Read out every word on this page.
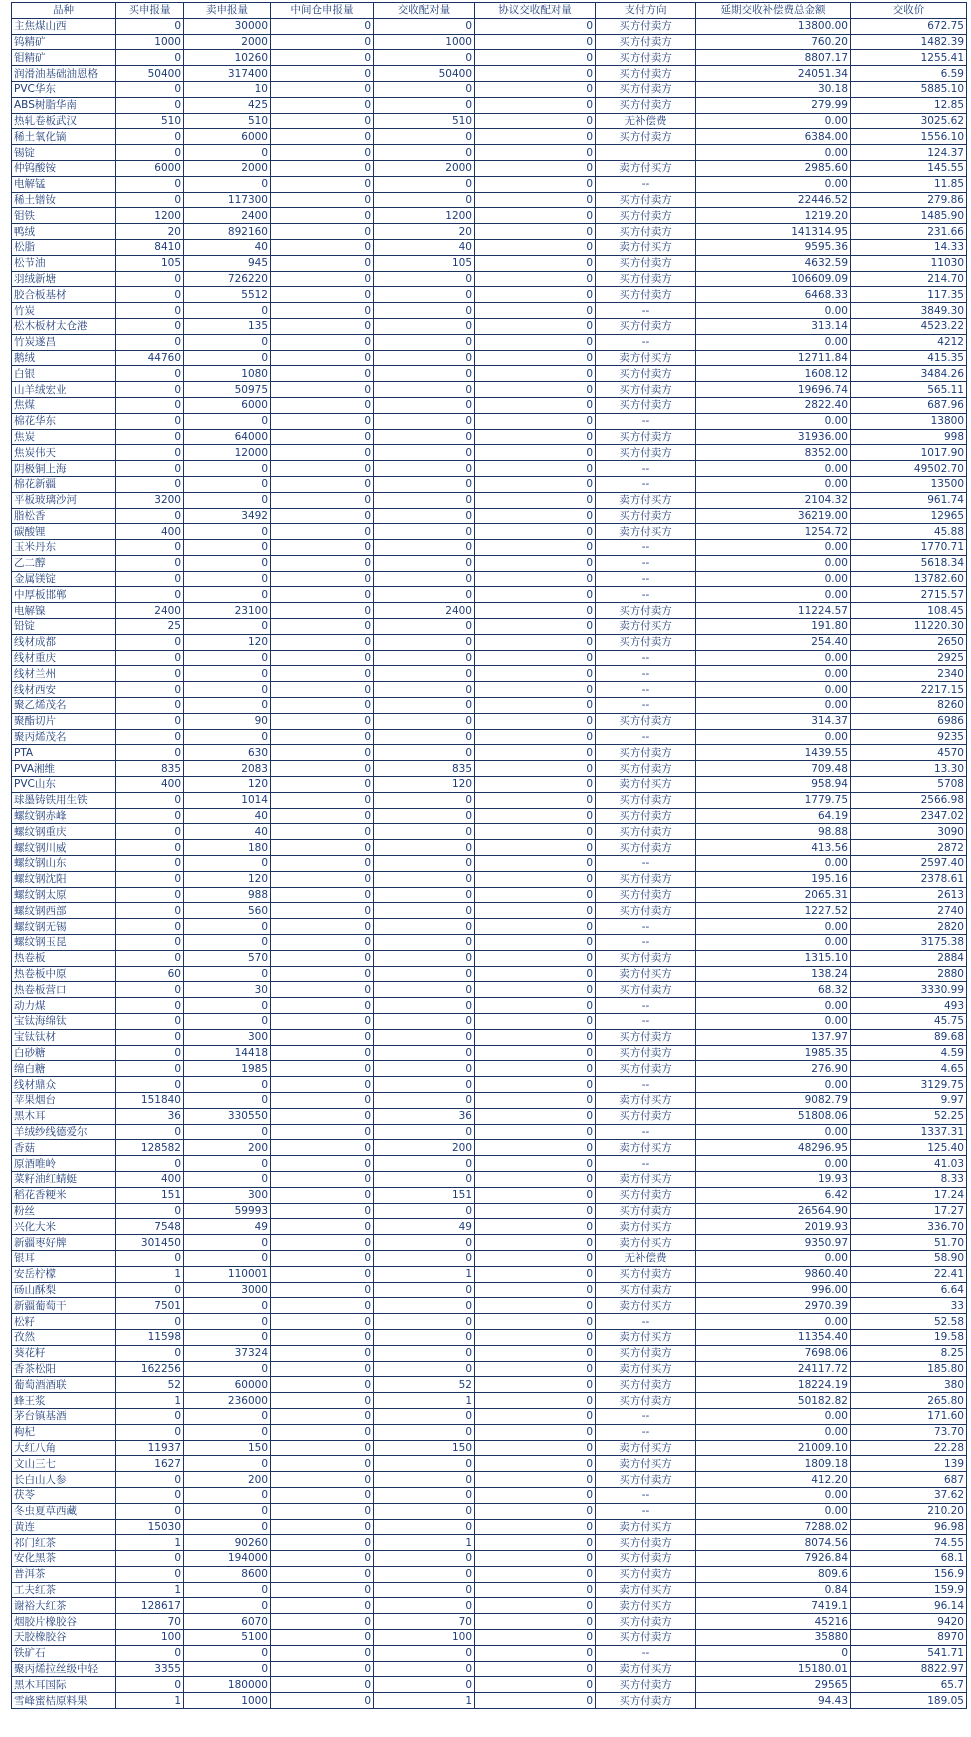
品种	买申报量	卖申报量	中间仓申报量	交收配对量	协议交收配对量	支付方向	延期交收补偿费总金额	交收价
主焦煤山西	0	30000	0	0	0	买方付卖方	13800.00	672.75
钨精矿	1000	2000	0	1000	0	买方付卖方	760.20	1482.39
钼精矿	0	10260	0	0	0	买方付卖方	8807.17	1255.41
润滑油基础油恩格	50400	317400	0	50400	0	买方付卖方	24051.34	6.59
PVC华东	0	10	0	0	0	买方付卖方	30.18	5885.10
ABS树脂华南	0	425	0	0	0	买方付卖方	279.99	12.85
热轧卷板武汉	510	510	0	510	0	无补偿费	0.00	3025.62
稀土氧化镝	0	6000	0	0	0	买方付卖方	6384.00	1556.10
锡锭	0	0	0	0	0		0.00	124.37
仲钨酸铵	6000	2000	0	2000	0	卖方付买方	2985.60	145.55
电解锰	0	0	0	0	0	--	0.00	11.85
稀土镨钕	0	117300	0	0	0	买方付卖方	22446.52	279.86
钼铁	1200	2400	0	1200	0	买方付卖方	1219.20	1485.90
鸭绒	20	892160	0	20	0	买方付卖方	141314.95	231.66
松脂	8410	40	0	40	0	卖方付买方	9595.36	14.33
松节油	105	945	0	105	0	买方付卖方	4632.59	11030
羽绒新塘	0	726220	0	0	0	买方付卖方	106609.09	214.70
胶合板基材	0	5512	0	0	0	买方付卖方	6468.33	117.35
竹炭	0	0	0	0	0	--	0.00	3849.30
松木板材太仓港	0	135	0	0	0	买方付卖方	313.14	4523.22
竹炭遂昌	0	0	0	0	0	--	0.00	4212
鹅绒	44760	0	0	0	0	卖方付买方	12711.84	415.35
白银	0	1080	0	0	0	买方付卖方	1608.12	3484.26
山羊绒宏业	0	50975	0	0	0	买方付卖方	19696.74	565.11
焦煤	0	6000	0	0	0	买方付卖方	2822.40	687.96
棉花华东	0	0	0	0	0	--	0.00	13800
焦炭	0	64000	0	0	0	买方付卖方	31936.00	998
焦炭伟天	0	12000	0	0	0	买方付卖方	8352.00	1017.90
阴极铜上海	0	0	0	0	0	--	0.00	49502.70
棉花新疆	0	0	0	0	0	--	0.00	13500
平板玻璃沙河	3200	0	0	0	0	卖方付买方	2104.32	961.74
脂松香	0	3492	0	0	0	买方付卖方	36219.00	12965
碳酸锂	400	0	0	0	0	卖方付买方	1254.72	45.88
玉米丹东	0	0	0	0	0	--	0.00	1770.71
乙二醇	0	0	0	0	0	--	0.00	5618.34
金属镁锭	0	0	0	0	0	--	0.00	13782.60
中厚板邯郸	0	0	0	0	0	--	0.00	2715.57
电解镍	2400	23100	0	2400	0	买方付卖方	11224.57	108.45
铅锭	25	0	0	0	0	卖方付买方	191.80	11220.30
线材成都	0	120	0	0	0	买方付卖方	254.40	2650
线材重庆	0	0	0	0	0	--	0.00	2925
线材兰州	0	0	0	0	0	--	0.00	2340
线材西安	0	0	0	0	0	--	0.00	2217.15
聚乙烯茂名	0	0	0	0	0	--	0.00	8260
聚酯切片	0	90	0	0	0	买方付卖方	314.37	6986
聚丙烯茂名	0	0	0	0	0	--	0.00	9235
PTA	0	630	0	0	0	买方付卖方	1439.55	4570
PVA湘维	835	2083	0	835	0	买方付卖方	709.48	13.30
PVC山东	400	120	0	120	0	卖方付买方	958.94	5708
球墨铸铁用生铁	0	1014	0	0	0	买方付卖方	1779.75	2566.98
螺纹钢赤峰	0	40	0	0	0	买方付卖方	64.19	2347.02
螺纹钢重庆	0	40	0	0	0	买方付卖方	98.88	3090
螺纹钢川威	0	180	0	0	0	买方付卖方	413.56	2872
螺纹钢山东	0	0	0	0	0	--	0.00	2597.40
螺纹钢沈阳	0	120	0	0	0	买方付卖方	195.16	2378.61
螺纹钢太原	0	988	0	0	0	买方付卖方	2065.31	2613
螺纹钢西部	0	560	0	0	0	买方付卖方	1227.52	2740
螺纹钢无锡	0	0	0	0	0	--	0.00	2820
螺纹钢玉昆	0	0	0	0	0	--	0.00	3175.38
热卷板	0	570	0	0	0	买方付卖方	1315.10	2884
热卷板中原	60	0	0	0	0	卖方付买方	138.24	2880
热卷板营口	0	30	0	0	0	买方付卖方	68.32	3330.99
动力煤	0	0	0	0	0	--	0.00	493
宝钛海绵钛	0	0	0	0	0	--	0.00	45.75
宝钛钛材	0	300	0	0	0	买方付卖方	137.97	89.68
白砂糖	0	14418	0	0	0	买方付卖方	1985.35	4.59
绵白糖	0	1985	0	0	0	买方付卖方	276.90	4.65
线材鼎众	0	0	0	0	0	--	0.00	3129.75
苹果烟台	151840	0	0	0	0	卖方付买方	9082.79	9.97
黑木耳	36	330550	0	36	0	买方付卖方	51808.06	52.25
羊绒纱线德爱尔	0	0	0	0	0	--	0.00	1337.31
香菇	128582	200	0	200	0	卖方付买方	48296.95	125.40
原酒唯岭	0	0	0	0	0	--	0.00	41.03
菜籽油红蜻蜓	400	0	0	0	0	卖方付买方	19.93	8.33
稻花香粳米	151	300	0	151	0	买方付卖方	6.42	17.24
粉丝	0	59993	0	0	0	买方付卖方	26564.90	17.27
兴化大米	7548	49	0	49	0	卖方付买方	2019.93	336.70
新疆枣好牌	301450	0	0	0	0	卖方付买方	9350.97	51.70
银耳	0	0	0	0	0	无补偿费	0.00	58.90
安岳柠檬	1	110001	0	1	0	买方付卖方	9860.40	22.41
砀山酥梨	0	3000	0	0	0	买方付卖方	996.00	6.64
新疆葡萄干	7501	0	0	0	0	卖方付买方	2970.39	33
松籽	0	0	0	0	0	--	0.00	52.58
孜然	11598	0	0	0	0	卖方付买方	11354.40	19.58
葵花籽	0	37324	0	0	0	买方付卖方	7698.06	8.25
香茶松阳	162256	0	0	0	0	卖方付买方	24117.72	185.80
葡萄酒酒联	52	60000	0	52	0	买方付卖方	18224.19	380
蜂王浆	1	236000	0	1	0	买方付卖方	50182.82	265.80
茅台镇基酒	0	0	0	0	0	--	0.00	171.60
枸杞	0	0	0	0	0	--	0.00	73.70
大红八角	11937	150	0	150	0	卖方付买方	21009.10	22.28
文山三七	1627	0	0	0	0	卖方付买方	1809.18	139
长白山人参	0	200	0	0	0	买方付卖方	412.20	687
茯苓	0	0	0	0	0	--	0.00	37.62
冬虫夏草西藏	0	0	0	0	0	--	0.00	210.20
黄连	15030	0	0	0	0	卖方付买方	7288.02	96.98
祁门红茶	1	90260	0	1	0	买方付卖方	8074.56	74.55
安化黑茶	0	194000	0	0	0	买方付卖方	7926.84	68.1
普洱茶	0	8600	0	0	0	买方付卖方	809.6	156.9
工夫红茶	1	0	0	0	0	卖方付买方	0.84	159.9
谢裕大红茶	128617	0	0	0	0	卖方付买方	7419.1	96.14
烟胶片橡胶谷	70	6070	0	70	0	买方付卖方	45216	9420
天胶橡胶谷	100	5100	0	100	0	买方付卖方	35880	8970
铁矿石	0	0	0	0	0	--	0	541.71
聚丙烯拉丝级中轻	3355	0	0	0	0	卖方付买方	15180.01	8822.97
黑木耳国际	0	180000	0	0	0	买方付卖方	29565	65.7
雪峰蜜桔原料果	1	1000	0	1	0	买方付卖方	94.43	189.05
